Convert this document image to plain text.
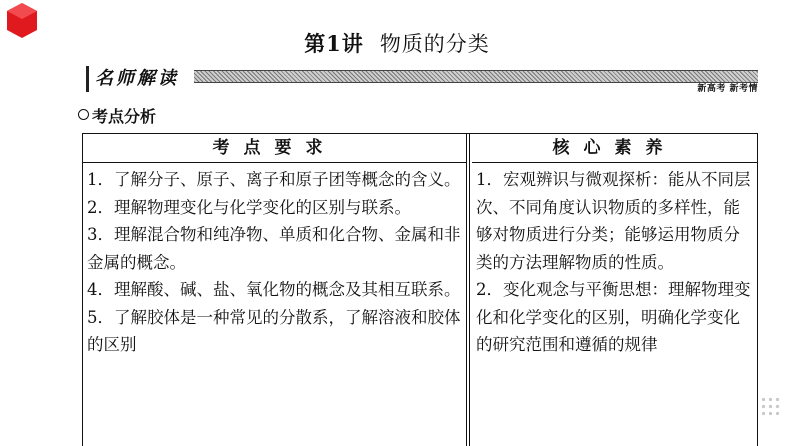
第1讲 物质的分类
名师解读	新高考 新考情
考点分析
考点要求

1．了解分子、原子、离子和原子团等概念的含义。

2．理解物理变化与化学变化的区别与联系。

3．理解混合物和纯净物、单质和化合物、金属和非金属的概念。

4．理解酸、碱、盐、氧化物的概念及其相互联系。

5．了解胶体是一种常见的分散系，了解溶液和胶体的区别

核心素养

1．宏观辨识与微观探析：能从不同层次、不同角度认识物质的多样性，能够对物质进行分类；能够运用物质分类的方法理解物质的性质。

2．变化观念与平衡思想：理解物理变化和化学变化的区别，明确化学变化的研究范围和遵循的规律
